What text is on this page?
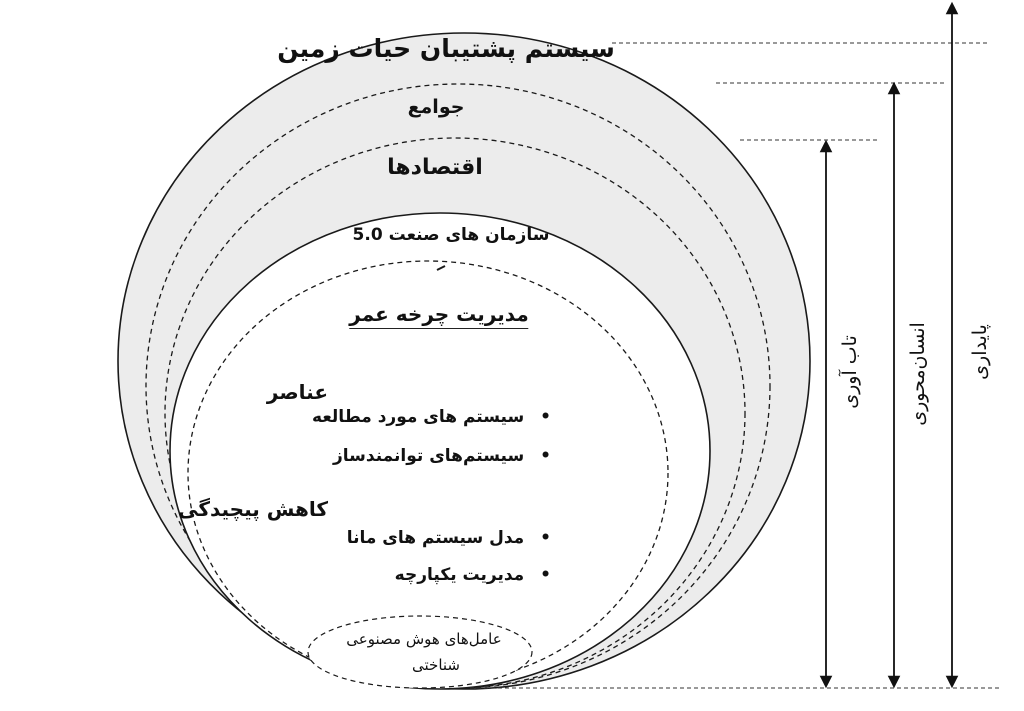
سیستم پشتیبان حیات زمین
جوامع
اقتصادها
سازمان های صنعت 5.0
مدیریت چرخه عمر
عناصر
• سیستم های مورد مطالعه
• سیستم‌های توانمندساز
کاهش پیچیدگی
• مدل سیستم های مانا
• مدیریت یکپارچه
عامل‌های هوش مصنوعی
شناختی
تاب آوری انسان‌محوری پایداری
